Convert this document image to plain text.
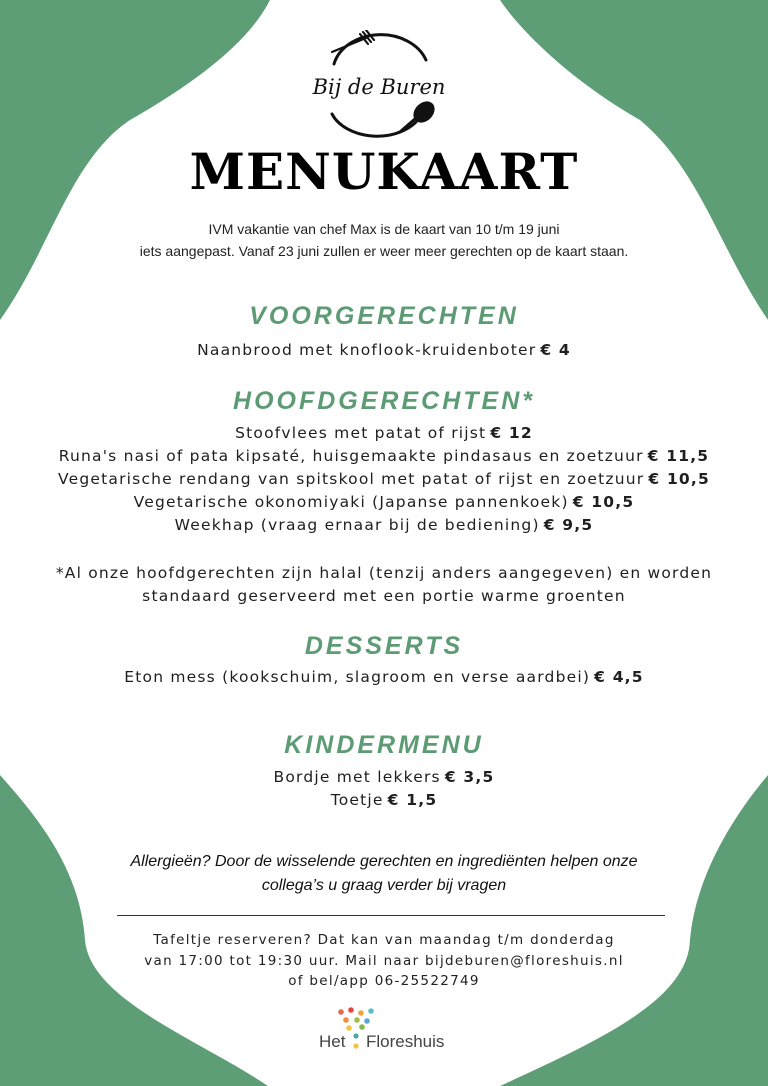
Bij de Buren
MENUKAART
IVM vakantie van chef Max is de kaart van 10 t/m 19 juni
iets aangepast. Vanaf 23 juni zullen er weer meer gerechten op de kaart staan.
VOORGERECHTEN
Naanbrood met knoflook-kruidenboter € 4
HOOFDGERECHTEN*
Stoofvlees met patat of rijst € 12
Runa's nasi of pata kipsaté, huisgemaakte pindasaus en zoetzuur € 11,5
Vegetarische rendang van spitskool met patat of rijst en zoetzuur € 10,5
Vegetarische okonomiyaki (Japanse pannenkoek) € 10,5
Weekhap (vraag ernaar bij de bediening) € 9,5
*Al onze hoofdgerechten zijn halal (tenzij anders aangegeven) en worden
standaard geserveerd met een portie warme groenten
DESSERTS
Eton mess (kookschuim, slagroom en verse aardbei) € 4,5
KINDERMENU
Bordje met lekkers € 3,5
Toetje € 1,5
Allergieën? Door de wisselende gerechten en ingrediënten helpen onze
collega’s u graag verder bij vragen
Tafeltje reserveren? Dat kan van maandag t/m donderdag
van 17:00 tot 19:30 uur. Mail naar bijdeburen@floreshuis.nl
of bel/app 06-25522749
Het Floreshuis
